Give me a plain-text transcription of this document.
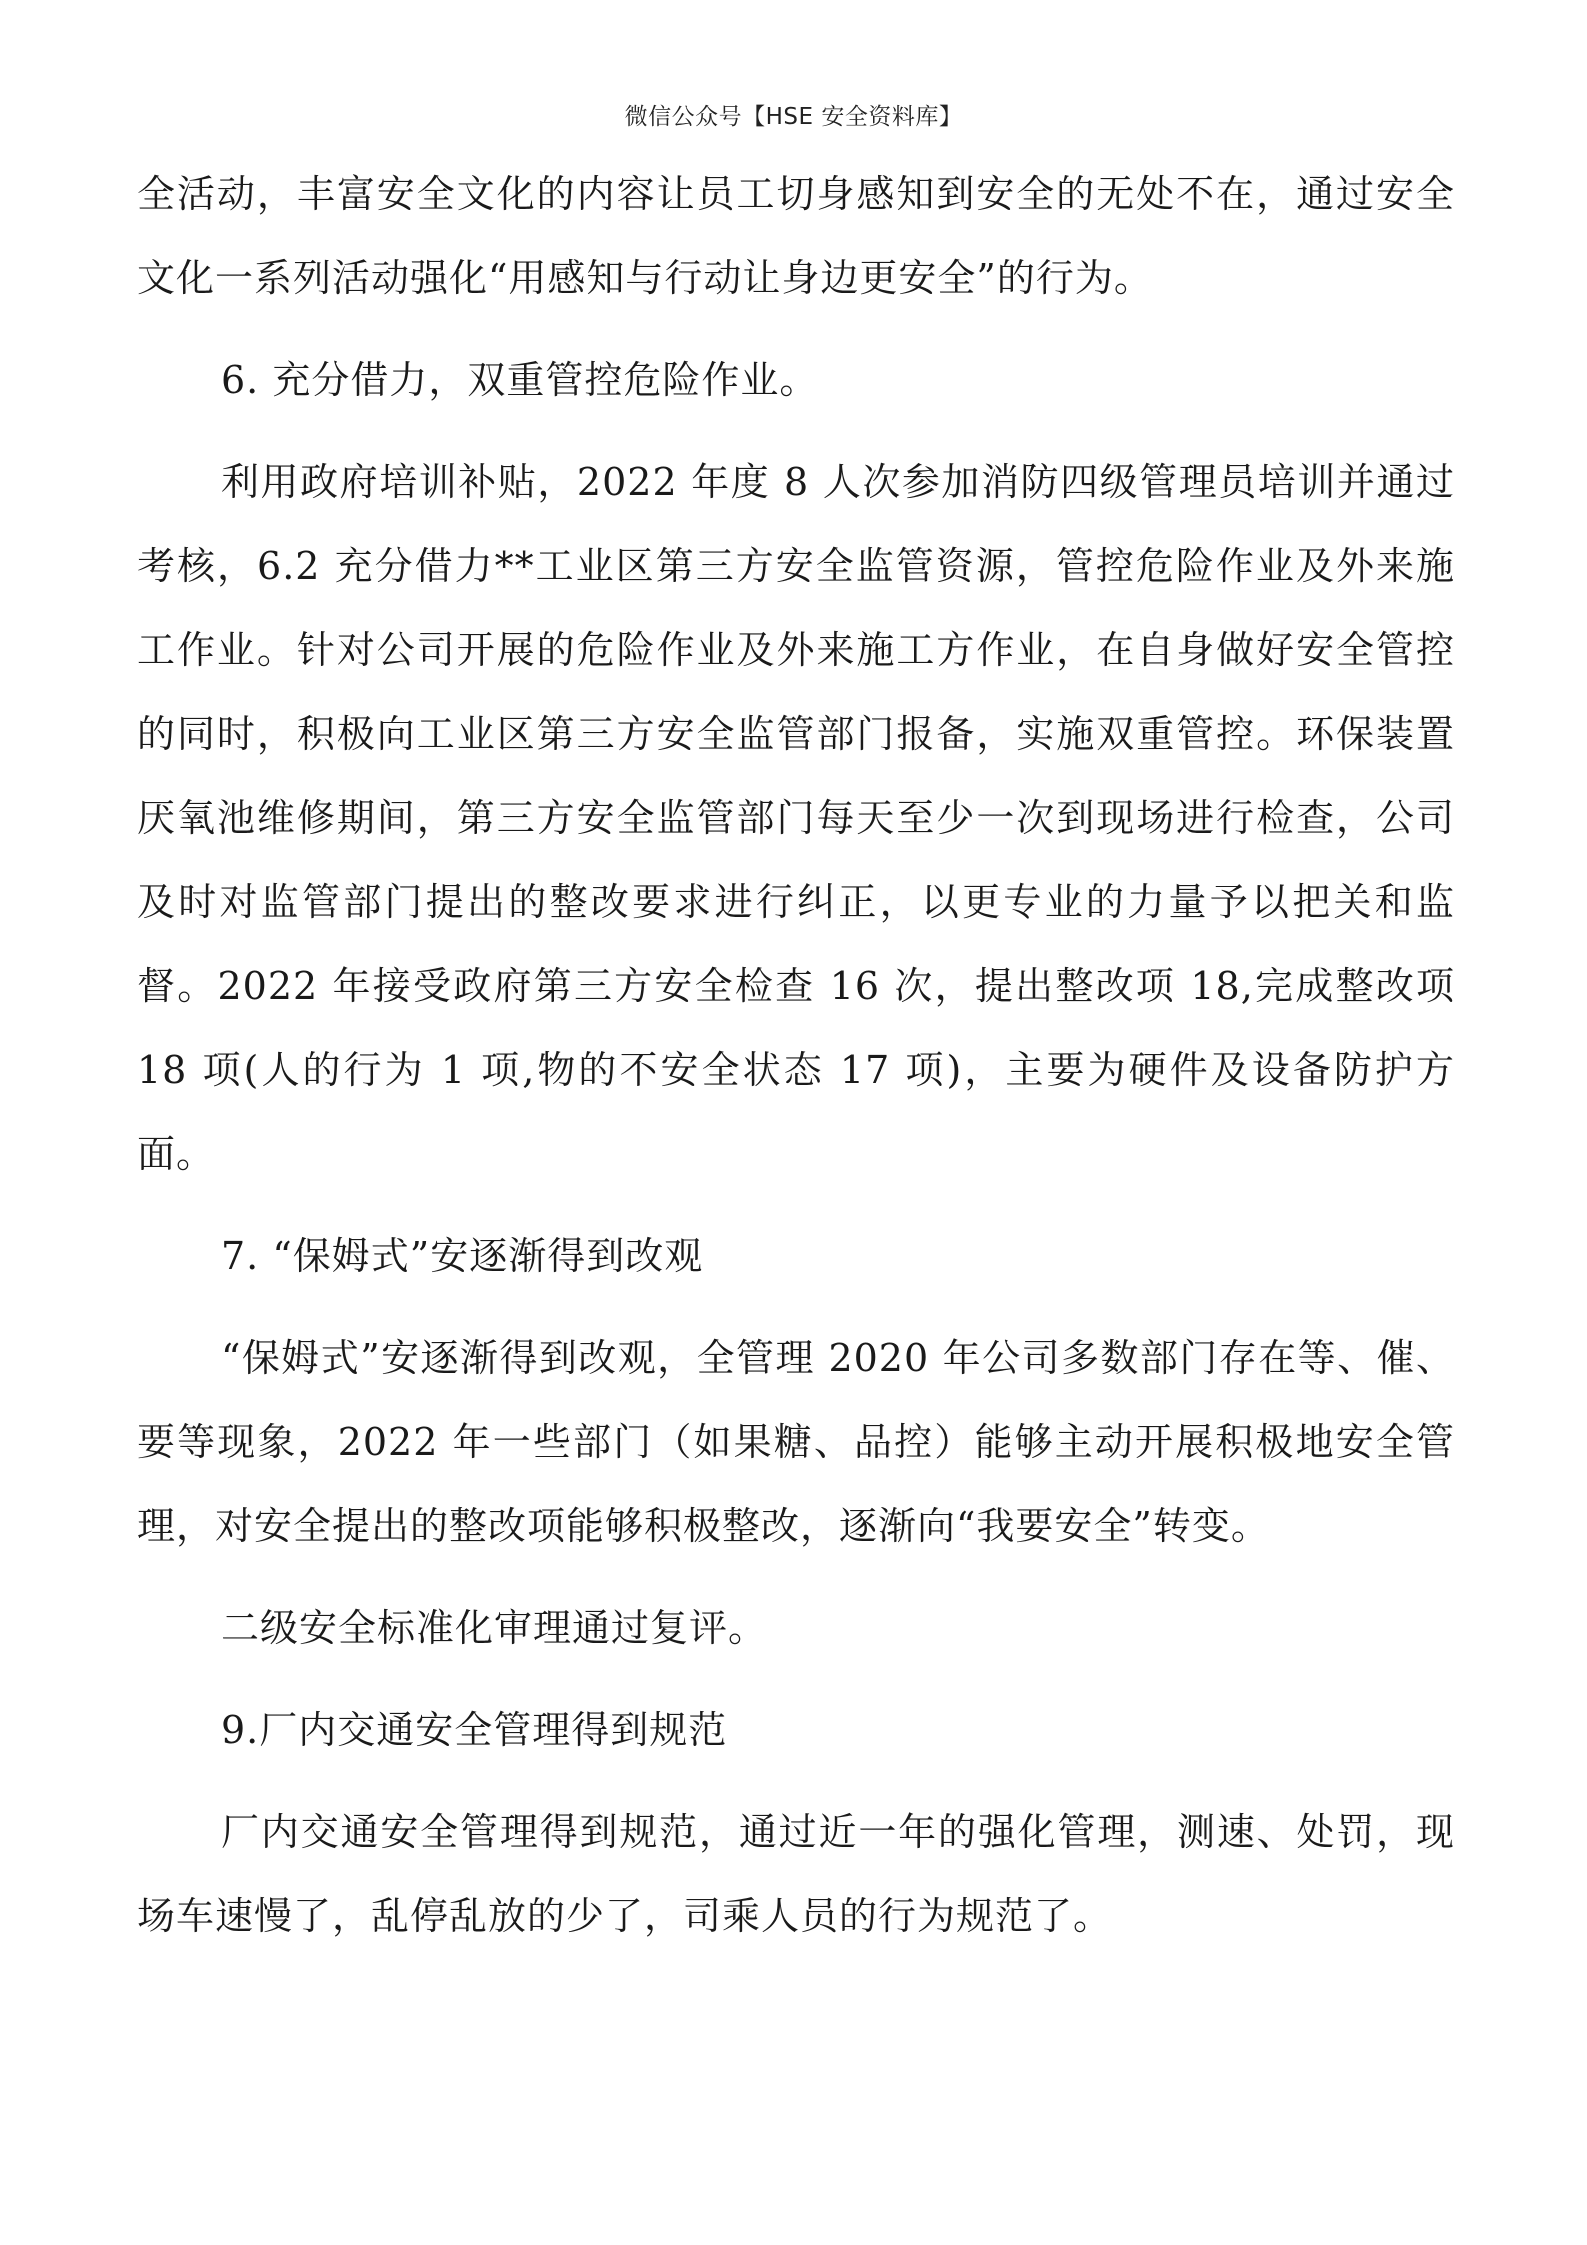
微信公众号【HSE 安全资料库】

全活动，丰富安全文化的内容让员工切身感知到安全的无处不在，通过安全文化一系列活动强化“用感知与行动让身边更安全”的行为。

6. 充分借力，双重管控危险作业。

利用政府培训补贴，2022 年度 8 人次参加消防四级管理员培训并通过考核，6.2 充分借力**工业区第三方安全监管资源，管控危险作业及外来施工作业。针对公司开展的危险作业及外来施工方作业，在自身做好安全管控的同时，积极向工业区第三方安全监管部门报备，实施双重管控。环保装置厌氧池维修期间，第三方安全监管部门每天至少一次到现场进行检查，公司及时对监管部门提出的整改要求进行纠正，以更专业的力量予以把关和监督。2022 年接受政府第三方安全检查 16 次，提出整改项 18,完成整改项 18 项(人的行为 1 项,物的不安全状态 17 项)，主要为硬件及设备防护方面。

7. “保姆式”安逐渐得到改观

“保姆式”安逐渐得到改观，全管理 2020 年公司多数部门存在等、催、要等现象，2022 年一些部门（如果糖、品控）能够主动开展积极地安全管理，对安全提出的整改项能够积极整改，逐渐向“我要安全”转变。

二级安全标准化审理通过复评。

9.厂内交通安全管理得到规范

厂内交通安全管理得到规范，通过近一年的强化管理，测速、处罚，现场车速慢了，乱停乱放的少了，司乘人员的行为规范了。
